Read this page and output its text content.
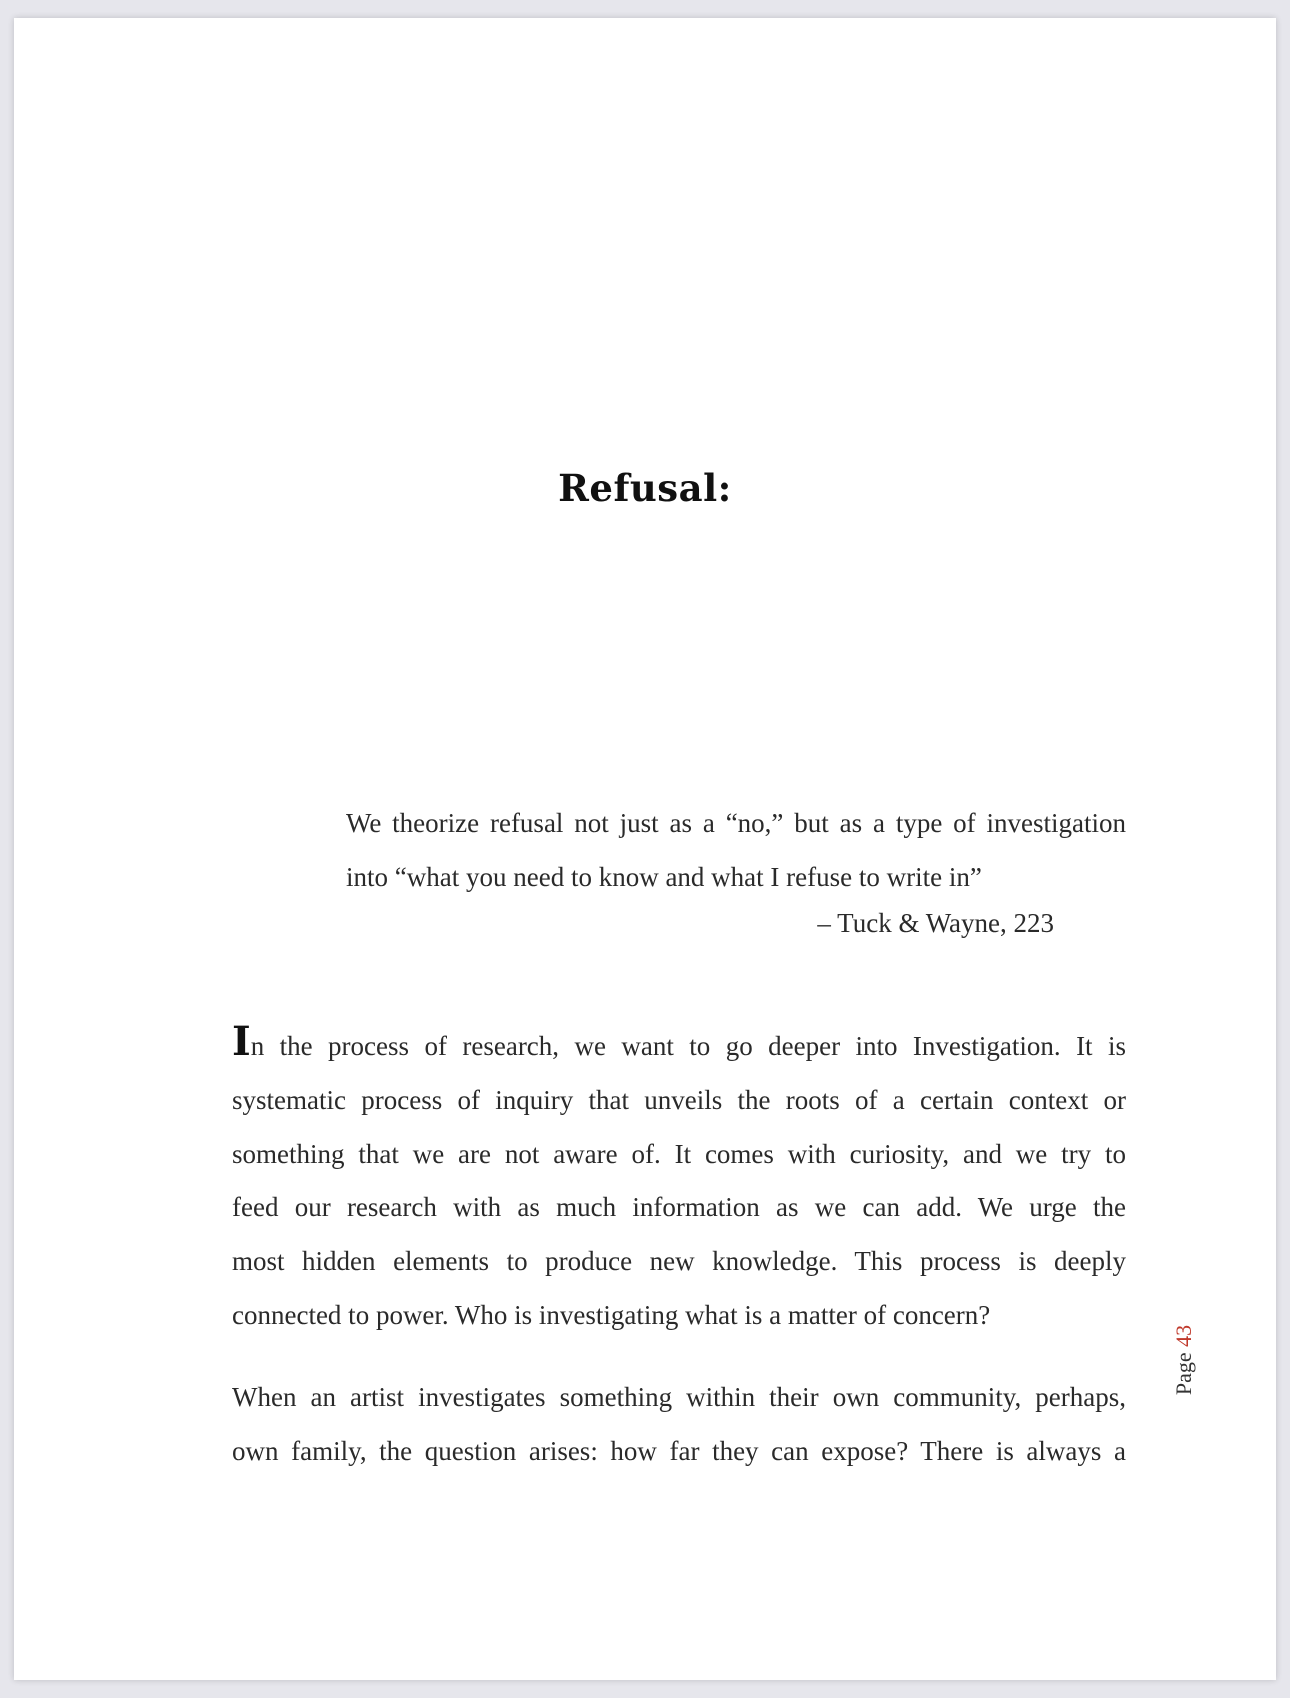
Refusal:
We theorize refusal not just as a “no,” but as a type of investigation
into “what you need to know and what I refuse to write in”
– Tuck & Wayne, 223
In the process of research, we want to go deeper into Investigation. It is
systematic process of inquiry that unveils the roots of a certain context or
something that we are not aware of. It comes with curiosity, and we try to
feed our research with as much information as we can add. We urge the
most hidden elements to produce new knowledge. This process is deeply
connected to power. Who is investigating what is a matter of concern?
When an artist investigates something within their own community, perhaps,
own family, the question arises: how far they can expose? There is always a
Page 43
